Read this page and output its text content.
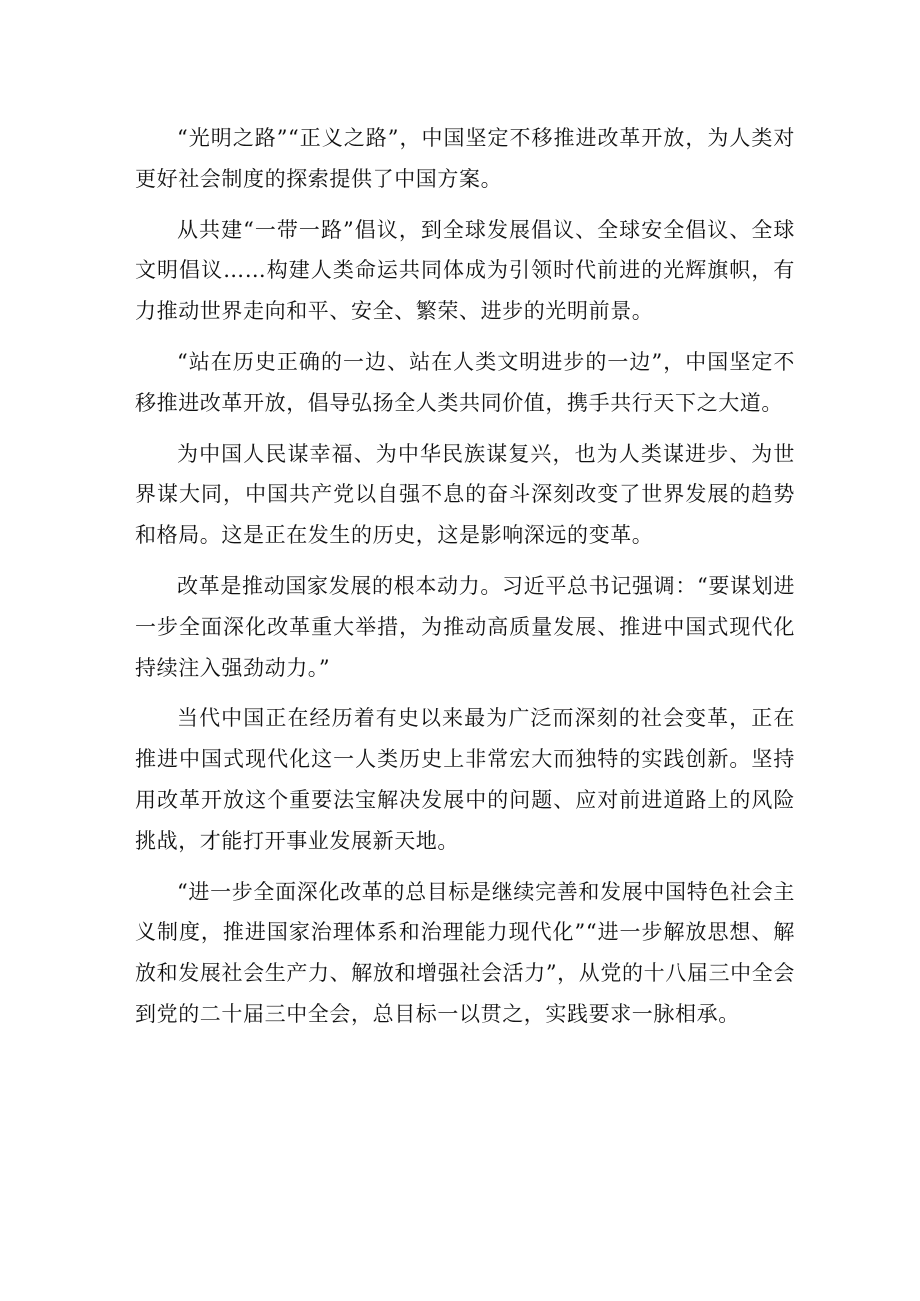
“光明之路”“正义之路”，中国坚定不移推进改革开放，为人类对更好社会制度的探索提供了中国方案。

从共建“一带一路”倡议，到全球发展倡议、全球安全倡议、全球文明倡议……构建人类命运共同体成为引领时代前进的光辉旗帜，有力推动世界走向和平、安全、繁荣、进步的光明前景。

“站在历史正确的一边、站在人类文明进步的一边”，中国坚定不移推进改革开放，倡导弘扬全人类共同价值，携手共行天下之大道。

为中国人民谋幸福、为中华民族谋复兴，也为人类谋进步、为世界谋大同，中国共产党以自强不息的奋斗深刻改变了世界发展的趋势和格局。这是正在发生的历史，这是影响深远的变革。

改革是推动国家发展的根本动力。习近平总书记强调：“要谋划进一步全面深化改革重大举措，为推动高质量发展、推进中国式现代化持续注入强劲动力。”

当代中国正在经历着有史以来最为广泛而深刻的社会变革，正在推进中国式现代化这一人类历史上非常宏大而独特的实践创新。坚持用改革开放这个重要法宝解决发展中的问题、应对前进道路上的风险挑战，才能打开事业发展新天地。

“进一步全面深化改革的总目标是继续完善和发展中国特色社会主义制度，推进国家治理体系和治理能力现代化”“进一步解放思想、解放和发展社会生产力、解放和增强社会活力”，从党的十八届三中全会到党的二十届三中全会，总目标一以贯之，实践要求一脉相承。
